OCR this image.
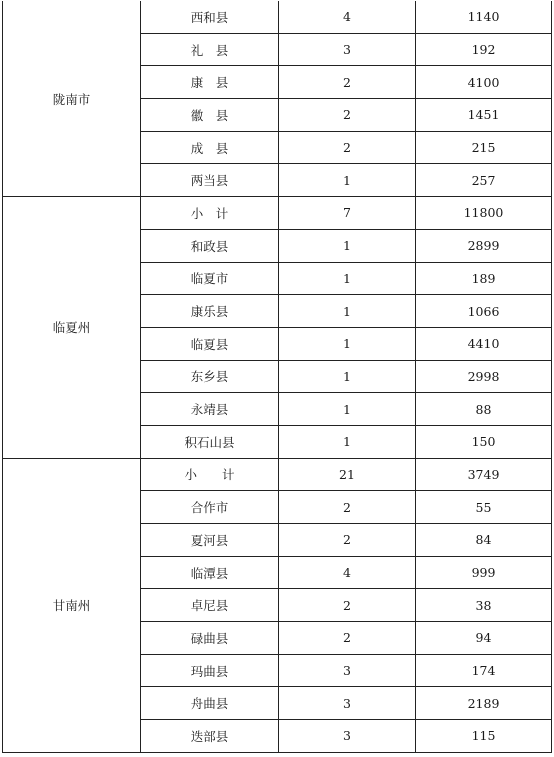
陇南市	西和县	4	1140
	礼　县	3	192
	康　县	2	4100
	徽　县	2	1451
	成　县	2	215
	两当县	1	257
临夏州	小　计	7	11800
	和政县	1	2899
	临夏市	1	189
	康乐县	1	1066
	临夏县	1	4410
	东乡县	1	2998
	永靖县	1	88
	积石山县	1	150
甘南州	小　　计	21	3749
	合作市	2	55
	夏河县	2	84
	临潭县	4	999
	卓尼县	2	38
	碌曲县	2	94
	玛曲县	3	174
	舟曲县	3	2189
	迭部县	3	115
